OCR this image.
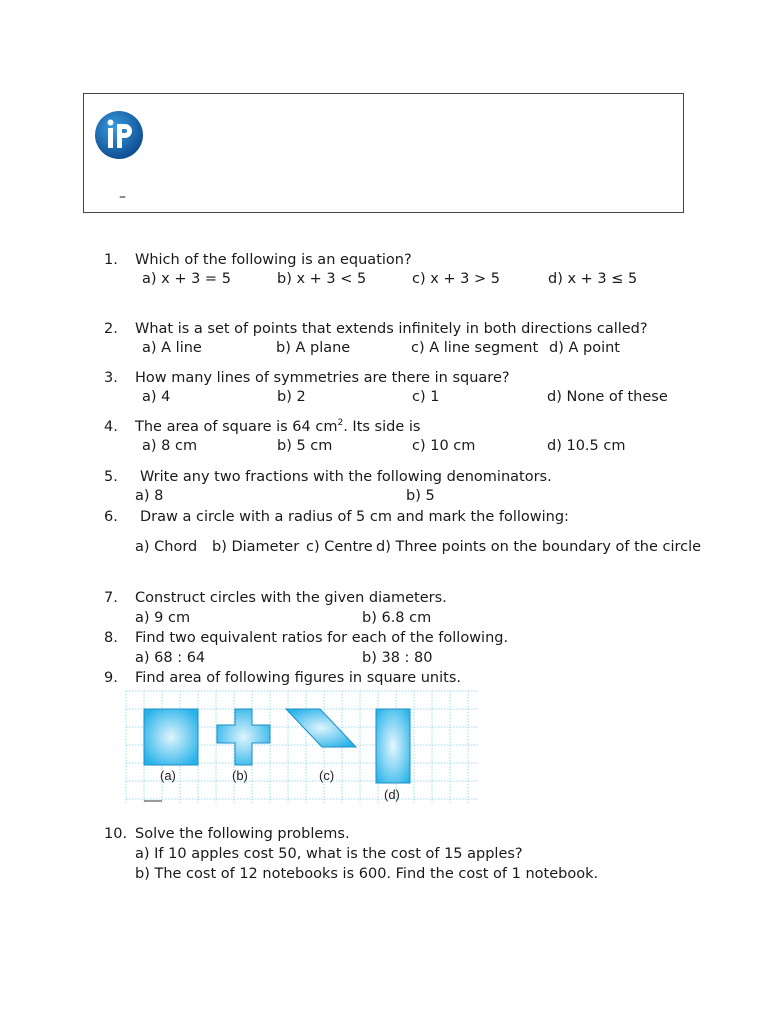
–
1. Which of the following is an equation?
a) x + 3 = 5	b) x + 3 < 5	c) x + 3 > 5	d) x + 3 ≤ 5
2. What is a set of points that extends infinitely in both directions called?
a) A line	b) A plane	c) A line segment d) A point
3. How many lines of symmetries are there in square?
a) 4	b) 2	c) 1	d) None of these
4. The area of square is 64 $cm^2$. Its side is
a) 8 cm	b) 5 cm	c) 10 cm	d) 10.5 cm
5. Write any two fractions with the following denominators.
a) 8	b) 5
6. Draw a circle with a radius of 5 cm and mark the following:
a) Chord b) Diameter c) Centre d) Three points on the boundary of the circle
7. Construct circles with the given diameters.
a) 9 cm	b) 6.8 cm
8. Find two equivalent ratios for each of the following.
a) 68 : 64	b) 38 : 80
9. Find area of following figures in square units.
(a)	(b)	(c)
(d)
10. Solve the following problems.
a) If 10 apples cost 50, what is the cost of 15 apples?
b) The cost of 12 notebooks is 600. Find the cost of 1 notebook.
